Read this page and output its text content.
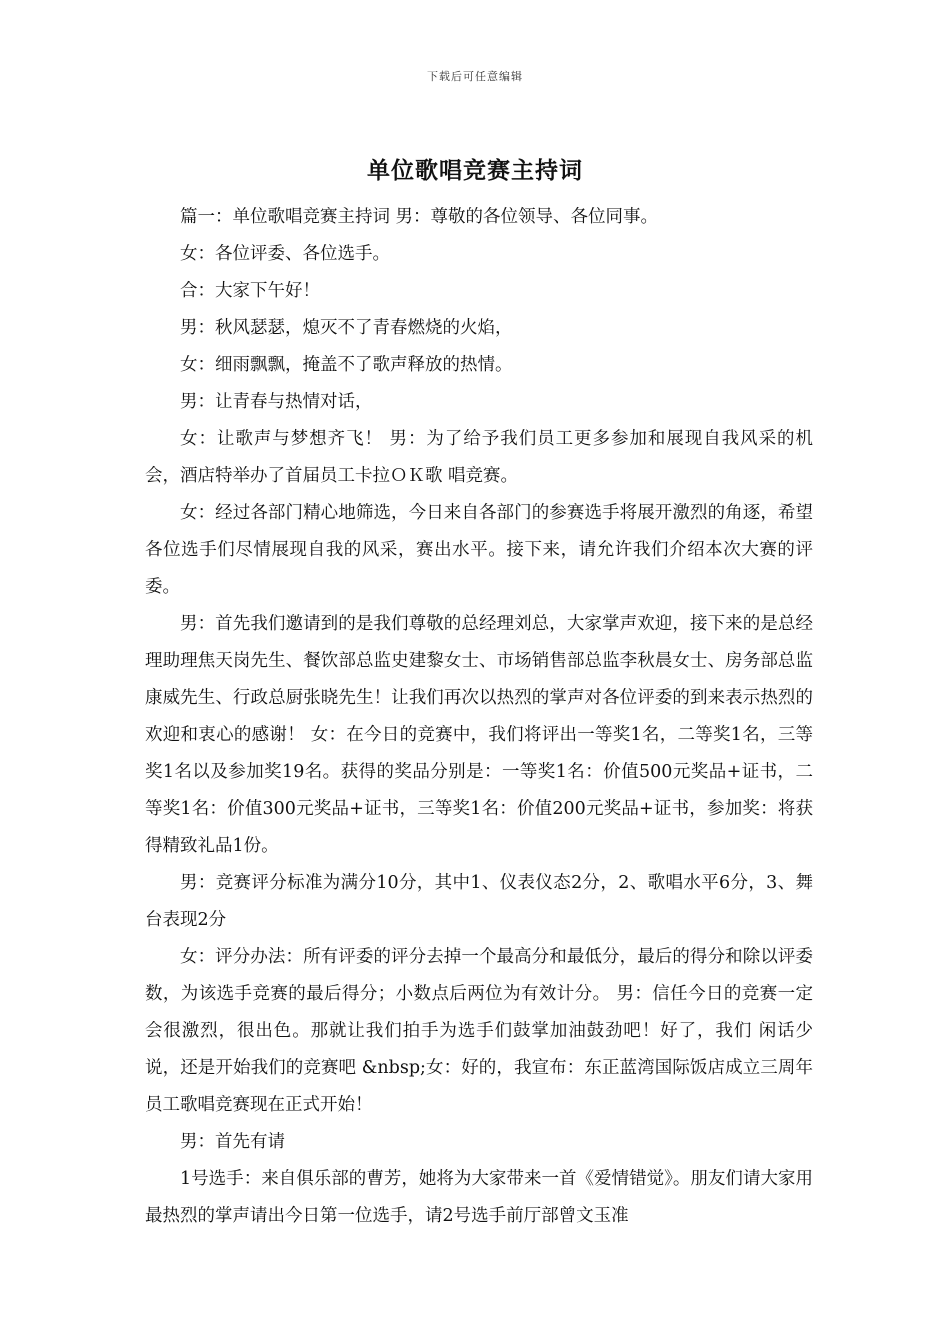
下载后可任意编辑
单位歌唱竞赛主持词

篇一：单位歌唱竞赛主持词 男：尊敬的各位领导、各位同事。

女：各位评委、各位选手。

合：大家下午好！

男：秋风瑟瑟，熄灭不了青春燃烧的火焰，

女：细雨飘飘，掩盖不了歌声释放的热情。

男：让青春与热情对话，

女：让歌声与梦想齐飞！ 男：为了给予我们员工更多参加和展现自我风采的机会，酒店特举办了首届员工卡拉ＯＫ歌 唱竞赛。

女：经过各部门精心地筛选，今日来自各部门的参赛选手将展开激烈的角逐，希望各位选手们尽情展现自我的风采，赛出水平。接下来，请允许我们介绍本次大赛的评委。

男：首先我们邀请到的是我们尊敬的总经理刘总，大家掌声欢迎，接下来的是总经理助理焦天岗先生、餐饮部总监史建黎女士、市场销售部总监李秋晨女士、房务部总监康威先生、行政总厨张晓先生！让我们再次以热烈的掌声对各位评委的到来表示热烈的欢迎和衷心的感谢！ 女：在今日的竞赛中，我们将评出一等奖1名，二等奖1名，三等奖1名以及参加奖19名。获得的奖品分别是：一等奖1名：价值500元奖品+证书，二等奖1名：价值300元奖品+证书，三等奖1名：价值200元奖品+证书，参加奖：将获得精致礼品1份。

男：竞赛评分标准为满分10分，其中1、仪表仪态2分，2、歌唱水平6分，3、舞台表现2分

女：评分办法：所有评委的评分去掉一个最高分和最低分，最后的得分和除以评委数，为该选手竞赛的最后得分；小数点后两位为有效计分。 男：信任今日的竞赛一定会很激烈，很出色。那就让我们拍手为选手们鼓掌加油鼓劲吧！好了，我们 闲话少说，还是开始我们的竞赛吧 &nbsp;女：好的，我宣布：东正蓝湾国际饭店成立三周年员工歌唱竞赛现在正式开始！

男：首先有请

1号选手：来自俱乐部的曹芳，她将为大家带来一首《爱情错觉》。朋友们请大家用最热烈的掌声请出今日第一位选手，请2号选手前厅部曾文玉准
